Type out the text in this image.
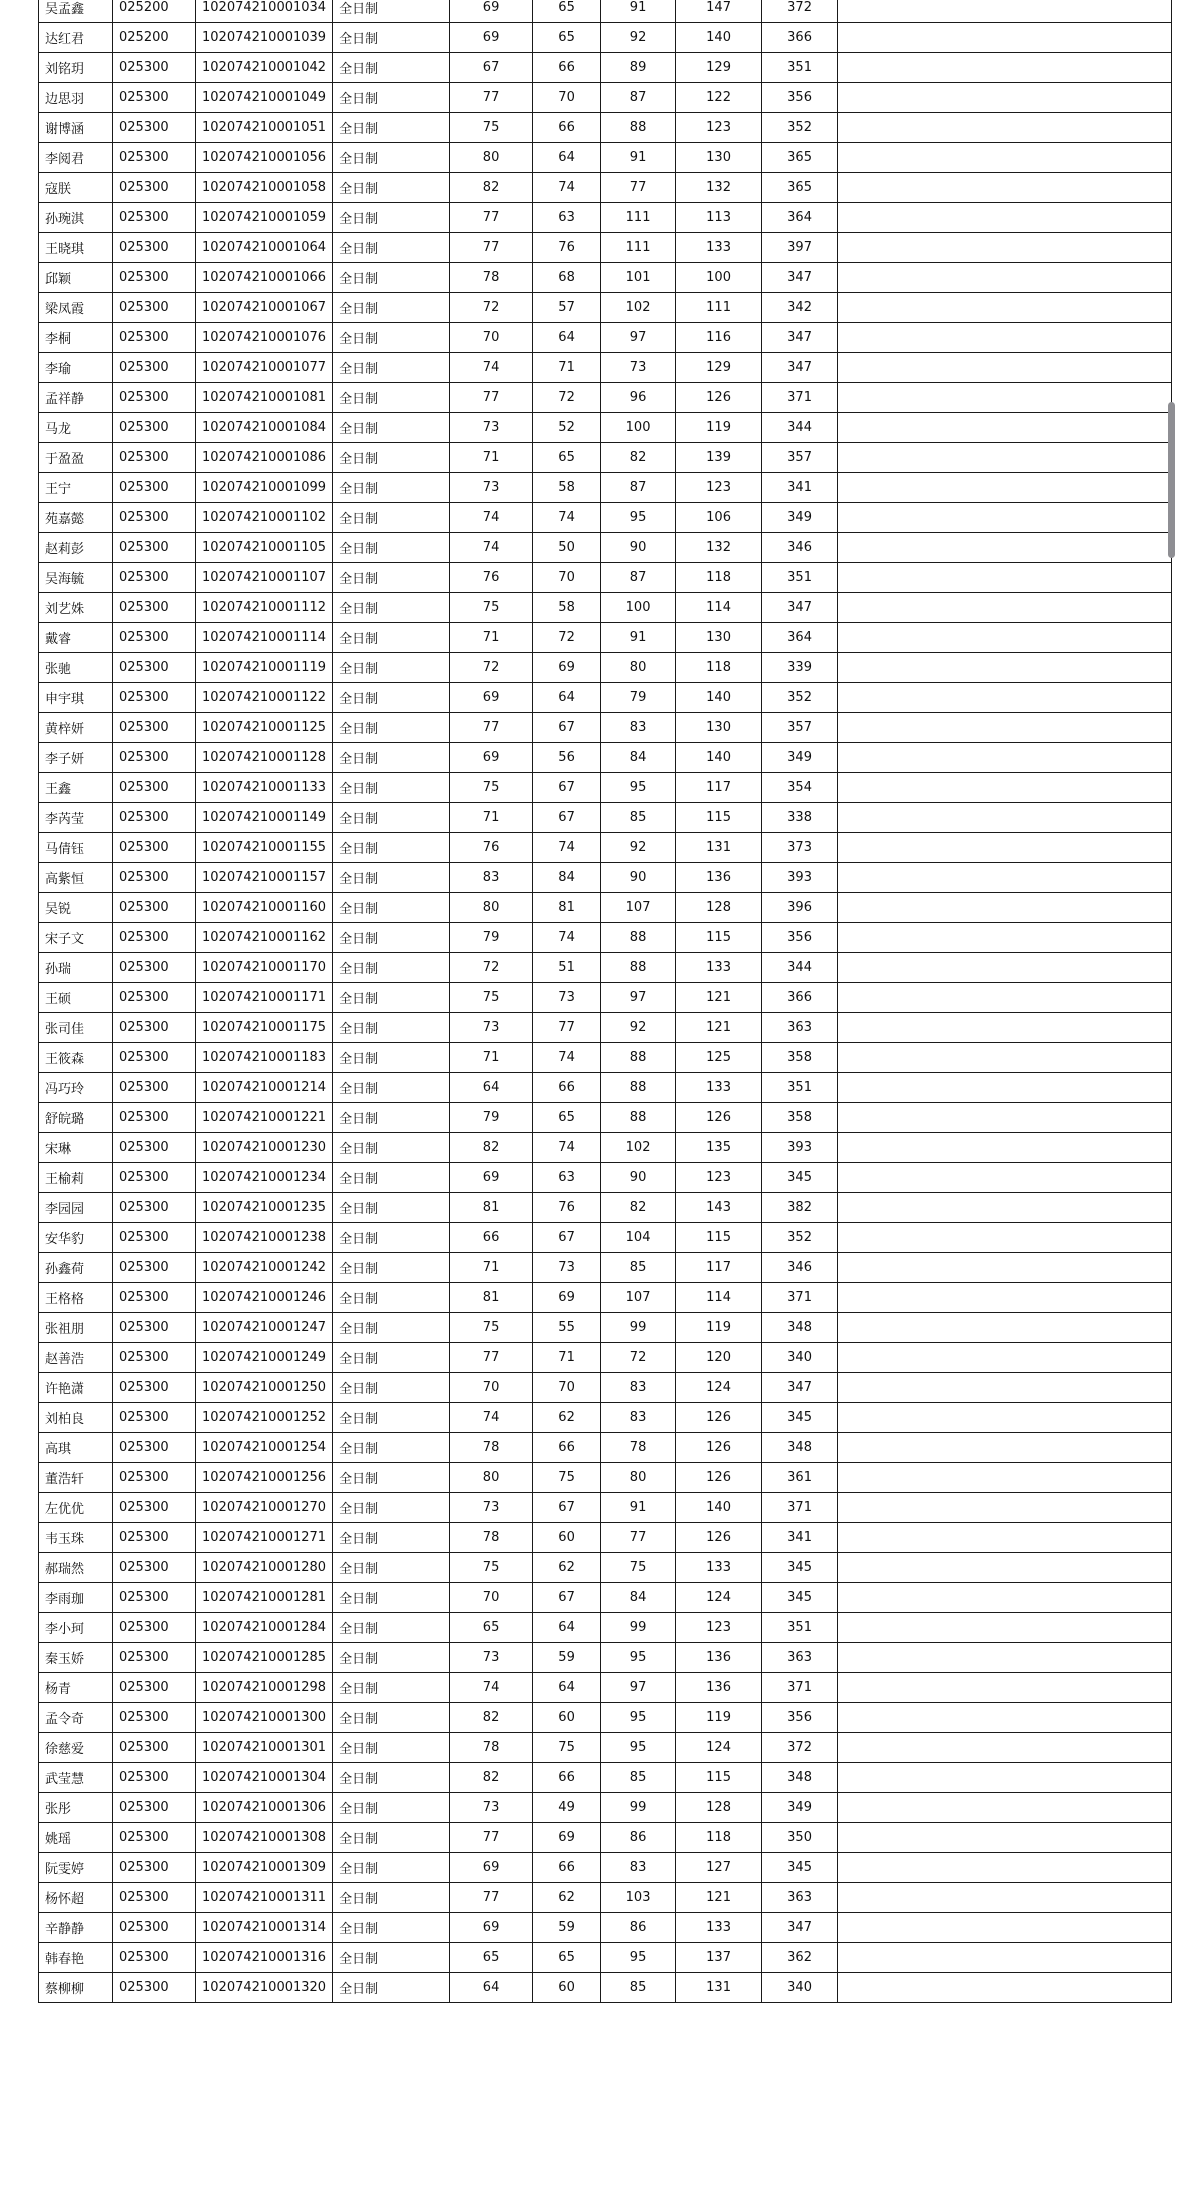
吴孟鑫	025200	102074210001034	全日制	69	65	91	147	372	
达红君	025200	102074210001039	全日制	69	65	92	140	366	
刘铭玥	025300	102074210001042	全日制	67	66	89	129	351	
边思羽	025300	102074210001049	全日制	77	70	87	122	356	
谢博涵	025300	102074210001051	全日制	75	66	88	123	352	
李阅君	025300	102074210001056	全日制	80	64	91	130	365	
寇朕	025300	102074210001058	全日制	82	74	77	132	365	
孙琬淇	025300	102074210001059	全日制	77	63	111	113	364	
王晓琪	025300	102074210001064	全日制	77	76	111	133	397	
邱颖	025300	102074210001066	全日制	78	68	101	100	347	
梁凤霞	025300	102074210001067	全日制	72	57	102	111	342	
李桐	025300	102074210001076	全日制	70	64	97	116	347	
李瑜	025300	102074210001077	全日制	74	71	73	129	347	
孟祥静	025300	102074210001081	全日制	77	72	96	126	371	
马龙	025300	102074210001084	全日制	73	52	100	119	344	
于盈盈	025300	102074210001086	全日制	71	65	82	139	357	
王宁	025300	102074210001099	全日制	73	58	87	123	341	
苑嘉懿	025300	102074210001102	全日制	74	74	95	106	349	
赵莉彭	025300	102074210001105	全日制	74	50	90	132	346	
吴海毓	025300	102074210001107	全日制	76	70	87	118	351	
刘艺姝	025300	102074210001112	全日制	75	58	100	114	347	
戴睿	025300	102074210001114	全日制	71	72	91	130	364	
张驰	025300	102074210001119	全日制	72	69	80	118	339	
申宇琪	025300	102074210001122	全日制	69	64	79	140	352	
黄梓妍	025300	102074210001125	全日制	77	67	83	130	357	
李子妍	025300	102074210001128	全日制	69	56	84	140	349	
王鑫	025300	102074210001133	全日制	75	67	95	117	354	
李芮莹	025300	102074210001149	全日制	71	67	85	115	338	
马倩钰	025300	102074210001155	全日制	76	74	92	131	373	
高紫恒	025300	102074210001157	全日制	83	84	90	136	393	
吴锐	025300	102074210001160	全日制	80	81	107	128	396	
宋子文	025300	102074210001162	全日制	79	74	88	115	356	
孙瑞	025300	102074210001170	全日制	72	51	88	133	344	
王硕	025300	102074210001171	全日制	75	73	97	121	366	
张司佳	025300	102074210001175	全日制	73	77	92	121	363	
王筱森	025300	102074210001183	全日制	71	74	88	125	358	
冯巧玲	025300	102074210001214	全日制	64	66	88	133	351	
舒皖璐	025300	102074210001221	全日制	79	65	88	126	358	
宋琳	025300	102074210001230	全日制	82	74	102	135	393	
王榆莉	025300	102074210001234	全日制	69	63	90	123	345	
李园园	025300	102074210001235	全日制	81	76	82	143	382	
安华豹	025300	102074210001238	全日制	66	67	104	115	352	
孙鑫荷	025300	102074210001242	全日制	71	73	85	117	346	
王格格	025300	102074210001246	全日制	81	69	107	114	371	
张祖朋	025300	102074210001247	全日制	75	55	99	119	348	
赵善浩	025300	102074210001249	全日制	77	71	72	120	340	
许艳潇	025300	102074210001250	全日制	70	70	83	124	347	
刘柏良	025300	102074210001252	全日制	74	62	83	126	345	
高琪	025300	102074210001254	全日制	78	66	78	126	348	
董浩轩	025300	102074210001256	全日制	80	75	80	126	361	
左优优	025300	102074210001270	全日制	73	67	91	140	371	
韦玉珠	025300	102074210001271	全日制	78	60	77	126	341	
郝瑞然	025300	102074210001280	全日制	75	62	75	133	345	
李雨珈	025300	102074210001281	全日制	70	67	84	124	345	
李小珂	025300	102074210001284	全日制	65	64	99	123	351	
秦玉娇	025300	102074210001285	全日制	73	59	95	136	363	
杨青	025300	102074210001298	全日制	74	64	97	136	371	
孟令奇	025300	102074210001300	全日制	82	60	95	119	356	
徐慈爱	025300	102074210001301	全日制	78	75	95	124	372	
武莹慧	025300	102074210001304	全日制	82	66	85	115	348	
张彤	025300	102074210001306	全日制	73	49	99	128	349	
姚瑶	025300	102074210001308	全日制	77	69	86	118	350	
阮雯婷	025300	102074210001309	全日制	69	66	83	127	345	
杨怀超	025300	102074210001311	全日制	77	62	103	121	363	
辛静静	025300	102074210001314	全日制	69	59	86	133	347	
韩春艳	025300	102074210001316	全日制	65	65	95	137	362	
蔡柳柳	025300	102074210001320	全日制	64	60	85	131	340	
